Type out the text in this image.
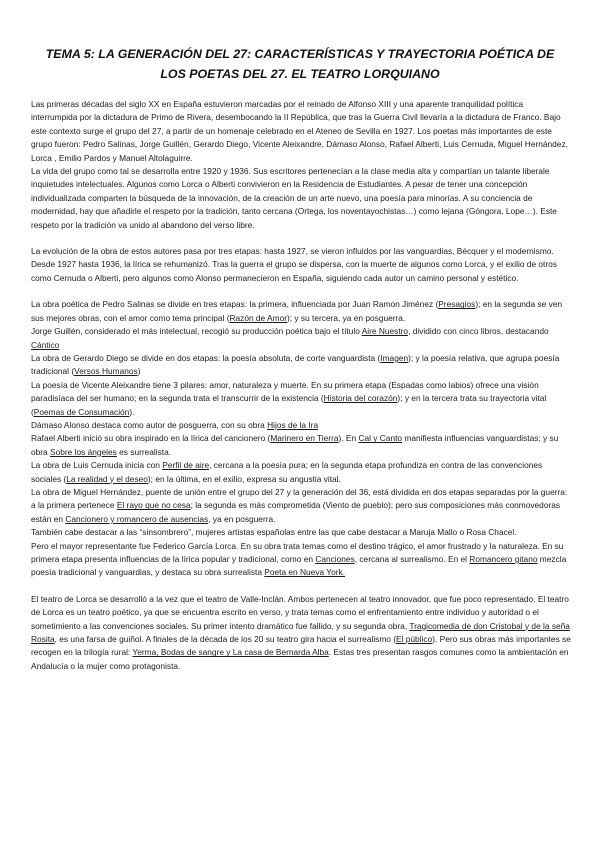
TEMA 5: LA GENERACIÓN DEL 27: CARACTERÍSTICAS Y TRAYECTORIA POÉTICA DE LOS POETAS DEL 27. EL TEATRO LORQUIANO

Las primeras décadas del siglo XX en España estuvieron marcadas por el reinado de Alfonso XIII y una aparente tranquilidad política interrumpida por la dictadura de Primo de Rivera, desembocando la II República, que tras la Guerra Civil llevaría a la dictadura de Franco. Bajo este contexto surge el grupo del 27, a partir de un homenaje celebrado en el Ateneo de Sevilla en 1927. Los poetas más importantes de este grupo fueron: Pedro Salinas, Jorge Guillén, Gerardo Diego, Vicente Aleixandre, Dámaso Alonso, Rafael Alberti, Luis Cernuda, Miguel Hernández, Lorca , Emilio Pardos y Manuel Altolaguirre.

La vida del grupo como tal se desarrolla entre 1920 y 1936. Sus escritores pertenecían a la clase media alta y compartían un talante liberale inquietudes intelectuales. Algunos como Lorca o Alberti convivieron en la Residencia de Estudiantes. A pesar de tener una concepción individualizada comparten la búsqueda de la innovación, de la creación de un arte nuevo, una poesía para minorías. A su conciencia de modernidad, hay que añadirle el respeto por la tradición, tanto cercana (Ortega, los noventayochistas…) como lejana (Góngora, Lope…). Este respeto por la tradición va unido al abandono del verso libre.

La evolución de la obra de estos autores pasa por tres etapas: hasta 1927, se vieron influidos por las vanguardias, Bécquer y el modernismo. Desde 1927 hasta 1936, la lírica se rehumanizó. Tras la guerra el grupo se dispersa, con la muerte de algunos como Lorca, y el exilio de otros como Cernuda o Alberti, pero algunos como Alonso permanecieron en España, siguiendo cada autor un camino personal y estético.

La obra poética de Pedro Salinas se divide en tres etapas: la primera, influenciada por Juan Ramon Jiménez (Presagios); en la segunda se ven sus mejores obras, con el amor como tema principal (Razón de Amor); y su tercera, ya en posguerra.

Jorge Guillén, considerado el más intelectual, recogió su producción poética bajo el título Aire Nuestro, dividido con cinco libros, destacando Cántico

La obra de Gerardo Diego se divide en dos etapas: la poesía absoluta, de corte vanguardista (Imagen); y la poesía relativa, que agrupa poesía tradicional (Versos Humanos)

La poesía de Vicente Aleixandre tiene 3 pilares: amor, naturaleza y muerte. En su primera etapa (Espadas como labios) ofrece una visión paradisíaca del ser humano; en la segunda trata el transcurrir de la existencia (Historia del corazón); y en la tercera trata su trayectoria vital (Poemas de Consumación).

Dámaso Alonso destaca como autor de posguerra, con su obra Hijos de la Ira

Rafael Alberti inició su obra inspirado en la lírica del cancionero (Marinero en Tierra). En Cal y Canto manifiesta influencias vanguardistas; y su obra Sobre los ángeles es surrealista.

La obra de Luis Cernuda inicia con Perfil de aire, cercana a la poesía pura; en la segunda etapa profundiza en contra de las convenciones sociales (La realidad y el deseo); en la última, en el exilio, expresa su angustia vital.

La obra de Miguel Hernández, puente de unión entre el grupo del 27 y la generación del 36, está dividida en dos etapas separadas por la guerra: a la primera pertenece El rayo que no cesa; la segunda es más comprometida (Viento de pueblo); pero sus composiciones más conmovedoras están en Cancionero y romancero de ausencias, ya en posguerra.

También cabe destacar a las “sinsombrero”, mujeres artistas españolas entre las que cabe destacar a Maruja Mallo o Rosa Chacel.

Pero el mayor representante fue Federico García Lorca. En su obra trata temas como el destino trágico, el amor frustrado y la naturaleza. En su primera etapa presenta influencias de la lírica popular y tradicional, como en Canciones, cercana al surrealismo. En el Romancero gitano mezcla poesía tradicional y vanguardias, y destaca su obra surrealista Poeta en Nueva York.

El teatro de Lorca se desarrolló a la vez que el teatro de Valle-Inclán. Ambos pertenecen al teatro innovador, que fue poco representado. El teatro de Lorca es un teatro poético, ya que se encuentra escrito en verso, y trata temas como el enfrentamiento entre individuo y autoridad o el sometimiento a las convenciones sociales. Su primer intento dramático fue fallido, y su segunda obra, Tragicomedia de don Cristobal y de la seña Rosita, es una farsa de guiñol. A finales de la década de los 20 su teatro gira hacia el surrealismo (El público). Pero sus obras más importantes se recogen en la trilogía rural: Yerma, Bodas de sangre y La casa de Bernarda Alba. Estas tres presentan rasgos comunes como la ambientación en Andalucía o la mujer como protagonista.
